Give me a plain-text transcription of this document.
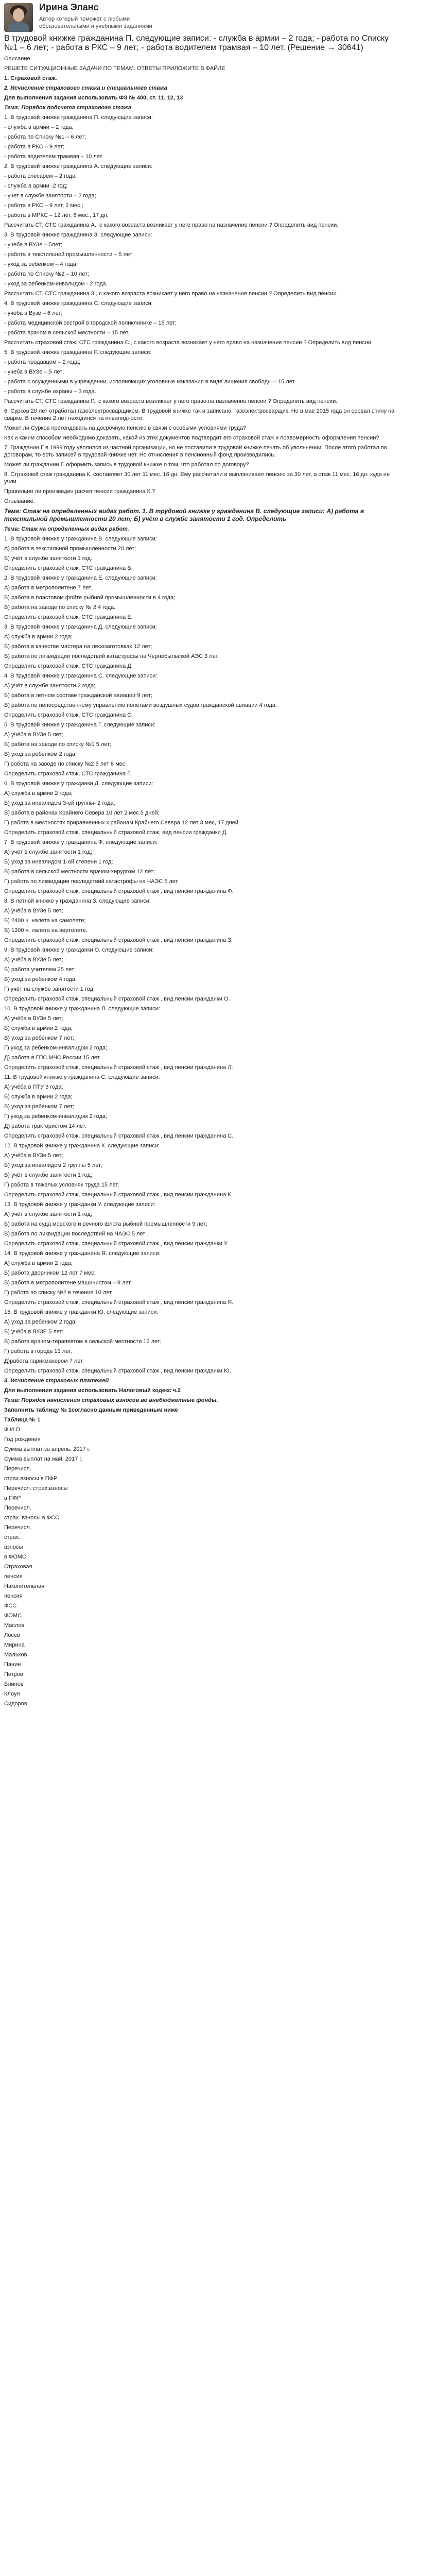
Ирина Эланс
Автор который поможет с любыми образовательными и учебными заданиями

В трудовой книжке гражданина П. следующие записи: - служба в армии – 2 года; - работа по Списку №1 – 6 лет; - работа в РКС – 9 лет; - работа водителем трамвая – 10 лет. (Решение → 30641)

Описание

РЕШЕТЕ СИТУАЦИОННЫЕ ЗАДАЧИ ПО ТЕМАМ. ОТВЕТЫ ПРИЛОЖИТЕ В ФАЙЛЕ

1. Страховой стаж.

2. Исчисление страхового стажа и специального стажа

Для выполнения задания использовать ФЗ № 400, ст. 11, 12, 13

Тема: Порядок подсчета страхового стажа

1. В трудовой книжке гражданина П. следующие записи:

- служба в армии – 2 года;

- работа по Списку №1 – 6 лет;

- работа в РКС – 9 лет;

- работа водителем трамвая – 10 лет.

2. В трудовой книжке гражданина А. следующие записи:

- работа слесарем – 2 года;

- служба в армии -2 год;

- учет в службе занятости – 2 года;

- работа в РКС – 9 лет, 2 мес.;

- работа в МРКС – 12 лет, 6 мес., 17 дн.

Рассчитать СТ, СТС гражданина А., с какого возраста возникает у него право на назначение пенсии ? Определить вид пенсии.

3. В трудовой книжке гражданина З. следующие записи:

- учеба в ВУЗе – 5лет;

- работа в текстильной промышленности – 5 лет;

- уход за ребенком – 4 года;

- работа по Списку №2 – 10 лет;

- уход за ребенком-инвалидом - 2 года.

Рассчитать СТ, СТС гражданина З., с какого возраста возникает у него право на назначение пенсии ? Определить вид пенсии.

4. В трудовой книжке гражданина С. следующие записи:

- учеба в Вузе – 6 лет;

- работа медицинской сестрой в городской поликлинике – 15 лет;

- работа врачом в сельской местности – 15 лет.

Рассчитать страховой стаж, СТС гражданина С., с какого возраста возникает у него право на назначение пенсии ? Определить вид пенсии.

5. В трудовой книжке гражданина Р. следующие записи:

- работа продавцом – 2 года;

- учеба в ВУЗе – 5 лет;

- работа с осужденными в учреждении, исполняющих уголовные наказания в виде лишения свободы – 15 лет

- работа в службе охраны – 3 года.

Рассчитать СТ, СТС гражданина Р., с какого возраста возникает у него право на назначение пенсии ? Определить вид пенсии.

6. Сурков 20 лет отработал газоэлектросварщиком. В трудовой книжке так и записано: газоэлектросварщик. Но в мае 2015 года он сорвал спину на сварке. В течение 2 лет находился на инвалидности.

Может ли Сурков претендовать на досрочную пенсию в связи с особыми условиями труда?

Как и каким способом необходимо доказать, какой из этих документов подтвердит его страховой стаж и правомерность оформления пенсии?

7. Гражданин Г в 1999 году уволился из частной организации, но не поставили в трудовой книжке печать об увольнении. После этого работал по договорам, то есть записей в трудовой книжке нет. Но отчисления в пенсионный фонд производились.

Может ли гражданин Г. оформить запись в трудовой книжке о том, что работал по договору?

8. Страховой стаж гражданина К. составляет 30 лет 11 мес. 16 дн. Ему рассчитали и выплачивают пенсию за 30 лет, а стаж 11 мес. 16 дн. кудa не учли.

Правильно ли произведен расчет пенсии гражданина К.?

Отзывание:

Тема: Стаж на определенных видах работ. 1. В трудовой книжке у гражданина В. следующие записи: А) работа в текстильной промышленности 20 лет; Б) учёт в службе занятости 1 год. Определить

Тема: Стаж на определенных видах работ.

1. В трудовой книжке у гражданина В. следующие записи:

А) работа в текстильной промышленности 20 лет;

Б) учёт в службе занятости 1 год.

Определить страховой стаж, СТС гражданина В.

2. В трудовой книжке у гражданина Е. следующие записи:

А) работа в метрополитене 7 лет;

Б) работа в пластовом фойте рыбной промышленности в 4 года;

В) работа на заводе по списку № 2 4 года.

Определить страховой стаж, СТС гражданина Е.

3. В трудовой книжке у гражданина Д. следующие записи:

А) служба в армии 2 года;

Б) работа в качестве мастера на лесозаготовках 12 лет;

В) работа по ликвидации последствий катастрофы на Чернобыльской АЭС 3 лет.

Определить страховой стаж, СТС гражданина Д.

4. В трудовой книжке у гражданина С. следующие записи:

А) учёт в службе занятости 2 года;

Б) работа в летном составе гражданской авиации 9 лет;

В) работа по непосредственному управлению полетами воздушных судов гражданской авиации 4 года.

Определить страховой стаж, СТС гражданина С.

5. В трудовой книжке у гражданина Г. следующие записи:

А) учёба в ВУЗе 5 лет;

Б) работа на заводе по списку №1 5 лет;

В) уход за ребенком 2 года;

Г) работа на заводе по списку №2 5 лет 6 мес.

Определить страховой стаж, СТС гражданина Г.

6. В трудовой книжке у гражданки Д. следующие записи:

А) служба в армии 2 года;

Б) уход за инвалидом 3-ей группы- 2 года;

В) работа в районах Крайнего Севера 10 лет 2 мес.5 дней;

Г) работа в местностях приравненных к районам Крайнего Севера 12 лет 3 мес, 17 дней.

Определить страховой стаж, специальный страховой стаж, вид пенсии гражданки Д.

7. В трудовой книжке у гражданина Ф. следующие записи:

А) учёт в службе занятости 1 год;

Б) уход за инвалидом 1-ой степени 1 год;

В) работа в сельской местности врачом-хирургом 12 лет;

Г) работа по ликвидации последствий катастрофы на ЧАЭС 5 лет.

Определить страховой стаж, специальный страховой стаж , вид пенсии гражданина Ф.

8. В летной книжке у гражданина З. следующие записи:

А) учёба в ВУЗе 5 лет;

Б) 2400 ч. налета на самолете;

В) 1300 ч. налета на вертолете.

Определить страховой стаж, специальный страховой стаж , вид пенсии гражданина З.

9. В трудовой книжке у гражданки О. следующие записи:

А) учёба в ВУЗе 5 лет;

Б) работа учителем 25 лет;

В) уход за ребенком 4 года;

Г) учёт на службе занятости 1 год.

Определить страховой стаж, специальный страховой стаж , вид пенсии гражданки О.

10. В трудовой книжке у гражданина Л. следующие записи:

А) учёба в ВУЗе 5 лет;

Б) служба в армии 2 года;

В) уход за ребенком 7 лет;

Г) уход за ребенком-инвалидом 2 года;

Д) работа в ГПС МЧС России 15 лет.

Определить страховой стаж, специальный страховой стаж , вид пенсии гражданина Л.

11. В трудовой книжке у гражданина С. следующие записи:

А) учёба в ПТУ 3 года;

Б) служба в армии 2 года;

В) уход за ребенком 7 лет;

Г) уход за ребенком-инвалидом 2 года;

Д) работа трактористом 14 лет.

Определить страховой стаж, специальный страховой стаж , вид пенсии гражданина С.

12. В трудовой книжке у гражданина К. следующие записи:

А) учёба в ВУЗе 5 лет;

Б) уход за инвалидом 2 группы 5 лет;

В) учёт в службе занятости 1 год;

Г) работа в тяжелых условиях труда 15 лет.

Определить страховой стаж, специальный страховой стаж , вид пенсии гражданина К.

13. В трудовой книжке у гражданки У. следующие записи:

А) учёт в службе занятости 1 год;

Б) работа на суда морского и речного флота рыбной промышленности 9 лет;

В) работа по ликвидации последствий на ЧАЭС 5 лет

Определить страховой стаж, специальный страховой стаж , вид пенсии гражданки У.

14. В трудовой книжке у гражданина Я. следующие записи:

А) служба в армии 2 года;

Б) работа двоpником 12 лет 7 мес;

В) работа в метрополитене машинистом – 8 лет

Г) работа по списку №2 в течение 10 лет.

Определить страховой стаж, специальный страховой стаж , вид пенсии гражданина Я.

15. В трудовой книжке у гражданки Ю. следующие записи:

А) уход за ребенком 2 года;

Б) учёба в ВУЗЕ 5 лет;

В) работа врачом-терапевтом в сельской местности 12 лет;

Г) работа в городе 13 лет.

Д)работа парикмахером 7 лет

Определить страховой стаж, специальный страховой стаж , вид пенсии гражданки Ю.

3. Исчисление страховых платежей

Для выполнения задания использовать Налоговый кодекс ч.2

Тема: Порядок начисления страховых взносов во внебюджетные фонды.

Заполнить таблицу № 1согласно данным приведенным ниже

Таблица № 1

Ф.И.О.

Год рождения

Сумма выплат за апрель, 2017 г.

Сумма выплат на май, 2017 г.

Перечисл.

страх.взносы в ПФР

Перечисл. страх.взносы

в ПФР

Перечисл.

страх. взносы в ФСС

Перечисл.

страх.

взносы

в ФОМС

Страховая

пенсия

Накопительная

пенсия

ФСС

ФОМС

Маслов

Лосев

Мирина

Мальков

Панин

Петров

Блинов

Клоун

Сидоров
